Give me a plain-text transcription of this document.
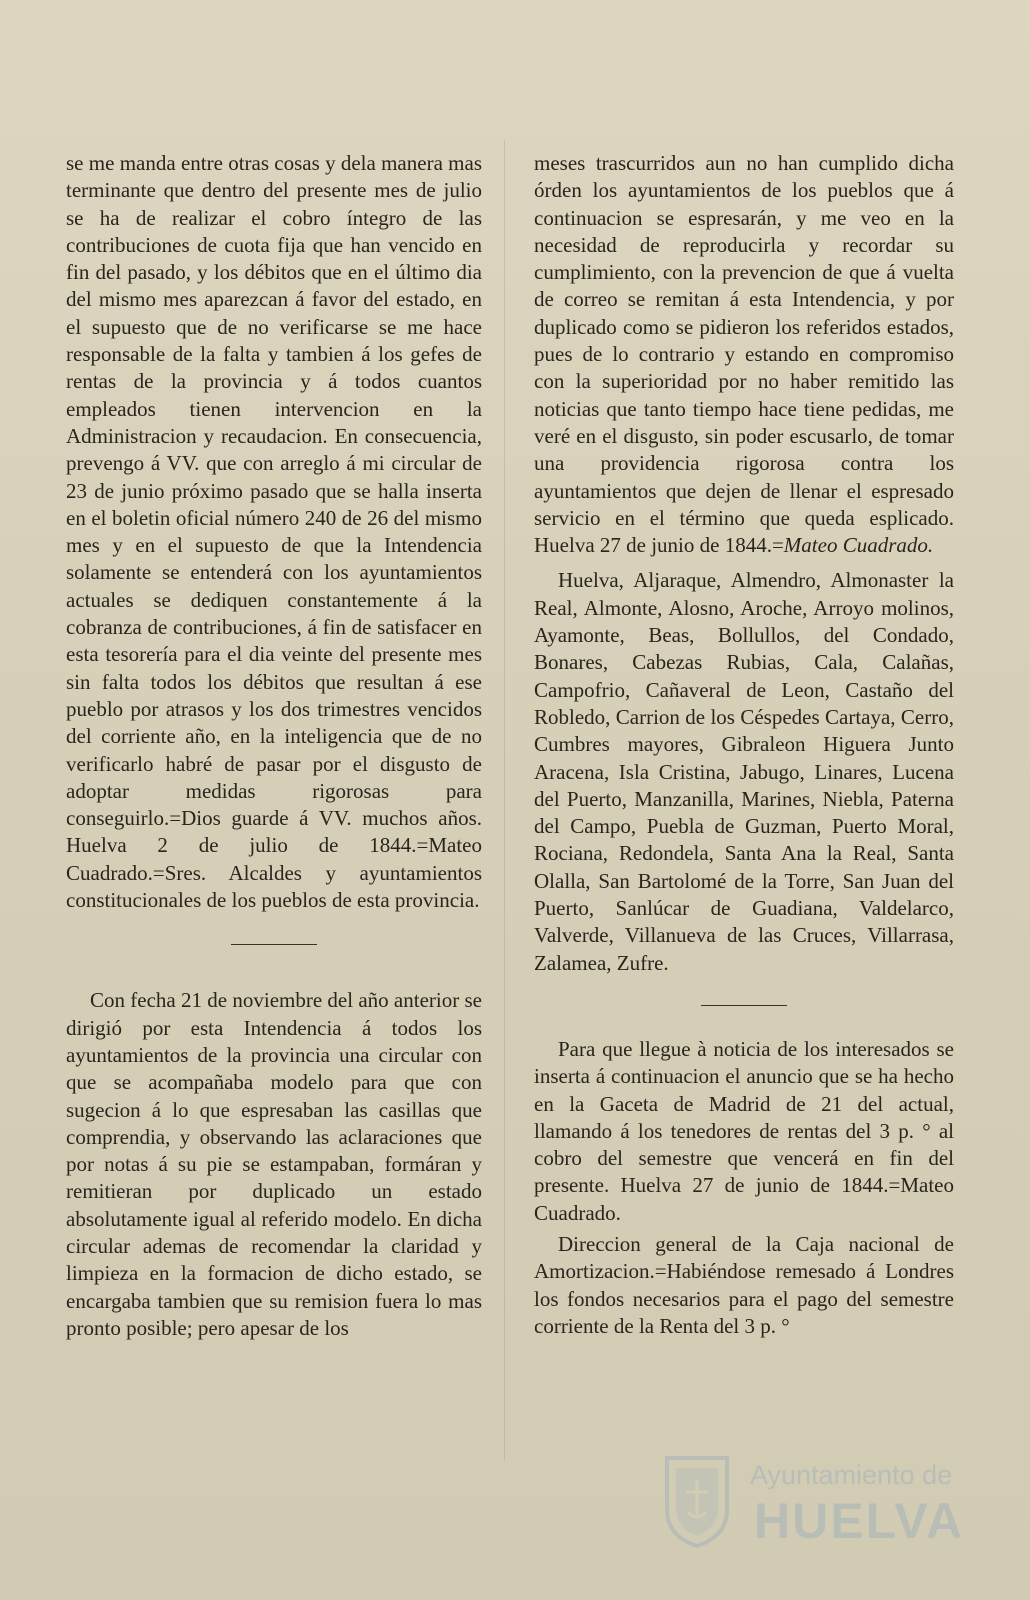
se me manda entre otras cosas y dela manera mas terminante que dentro del presente mes de julio se ha de realizar el cobro íntegro de las contribuciones de cuota fija que han vencido en fin del pasado, y los débitos que en el último dia del mismo mes aparezcan á favor del estado, en el supuesto que de no verificarse se me hace responsable de la falta y tambien á los gefes de rentas de la provincia y á todos cuantos empleados tienen intervencion en la Administracion y recaudacion. En consecuencia, prevengo á VV. que con arreglo á mi circular de 23 de junio próximo pasado que se halla inserta en el boletin oficial número 240 de 26 del mismo mes y en el supuesto de que la Intendencia solamente se entenderá con los ayuntamientos actuales se dediquen constantemente á la cobranza de contribuciones, á fin de satisfacer en esta tesorería para el dia veinte del presente mes sin falta todos los débitos que resultan á ese pueblo por atrasos y los dos trimestres vencidos del corriente año, en la inteligencia que de no verificarlo habré de pasar por el disgusto de adoptar medidas rigorosas para conseguirlo.=Dios guarde á VV. muchos años. Huelva 2 de julio de 1844.=Mateo Cuadrado.=Sres. Alcaldes y ayuntamientos constitucionales de los pueblos de esta provincia.

Con fecha 21 de noviembre del año anterior se dirigió por esta Intendencia á todos los ayuntamientos de la provincia una circular con que se acompañaba modelo para que con sugecion á lo que espresaban las casillas que comprendia, y observando las aclaraciones que por notas á su pie se estampaban, formáran y remitieran por duplicado un estado absolutamente igual al referido modelo. En dicha circular ademas de recomendar la claridad y limpieza en la formacion de dicho estado, se encargaba tambien que su remision fuera lo mas pronto posible; pero apesar de los

meses trascurridos aun no han cumplido dicha órden los ayuntamientos de los pueblos que á continuacion se espresarán, y me veo en la necesidad de reproducirla y recordar su cumplimiento, con la prevencion de que á vuelta de correo se remitan á esta Intendencia, y por duplicado como se pidieron los referidos estados, pues de lo contrario y estando en compromiso con la superioridad por no haber remitido las noticias que tanto tiempo hace tiene pedidas, me veré en el disgusto, sin poder escusarlo, de tomar una providencia rigorosa contra los ayuntamientos que dejen de llenar el espresado servicio en el término que queda esplicado. Huelva 27 de junio de 1844.=Mateo Cuadrado.

Huelva, Aljaraque, Almendro, Almonaster la Real, Almonte, Alosno, Aroche, Arroyo molinos, Ayamonte, Beas, Bollullos, del Condado, Bonares, Cabezas Rubias, Cala, Calañas, Campofrio, Cañaveral de Leon, Castaño del Robledo, Carrion de los Céspedes Cartaya, Cerro, Cumbres mayores, Gibraleon Higuera Junto Aracena, Isla Cristina, Jabugo, Linares, Lucena del Puerto, Manzanilla, Marines, Niebla, Paterna del Campo, Puebla de Guzman, Puerto Moral, Rociana, Redondela, Santa Ana la Real, Santa Olalla, San Bartolomé de la Torre, San Juan del Puerto, Sanlúcar de Guadiana, Valdelarco, Valverde, Villanueva de las Cruces, Villarrasa, Zalamea, Zufre.

Para que llegue à noticia de los interesados se inserta á continuacion el anuncio que se ha hecho en la Gaceta de Madrid de 21 del actual, llamando á los tenedores de rentas del 3 p. ° al cobro del semestre que vencerá en fin del presente. Huelva 27 de junio de 1844.=Mateo Cuadrado.

Direccion general de la Caja nacional de Amortizacion.=Habiéndose remesado á Londres los fondos necesarios para el pago del semestre corriente de la Renta del 3 p. °

Ayuntamiento de
HUELVA
